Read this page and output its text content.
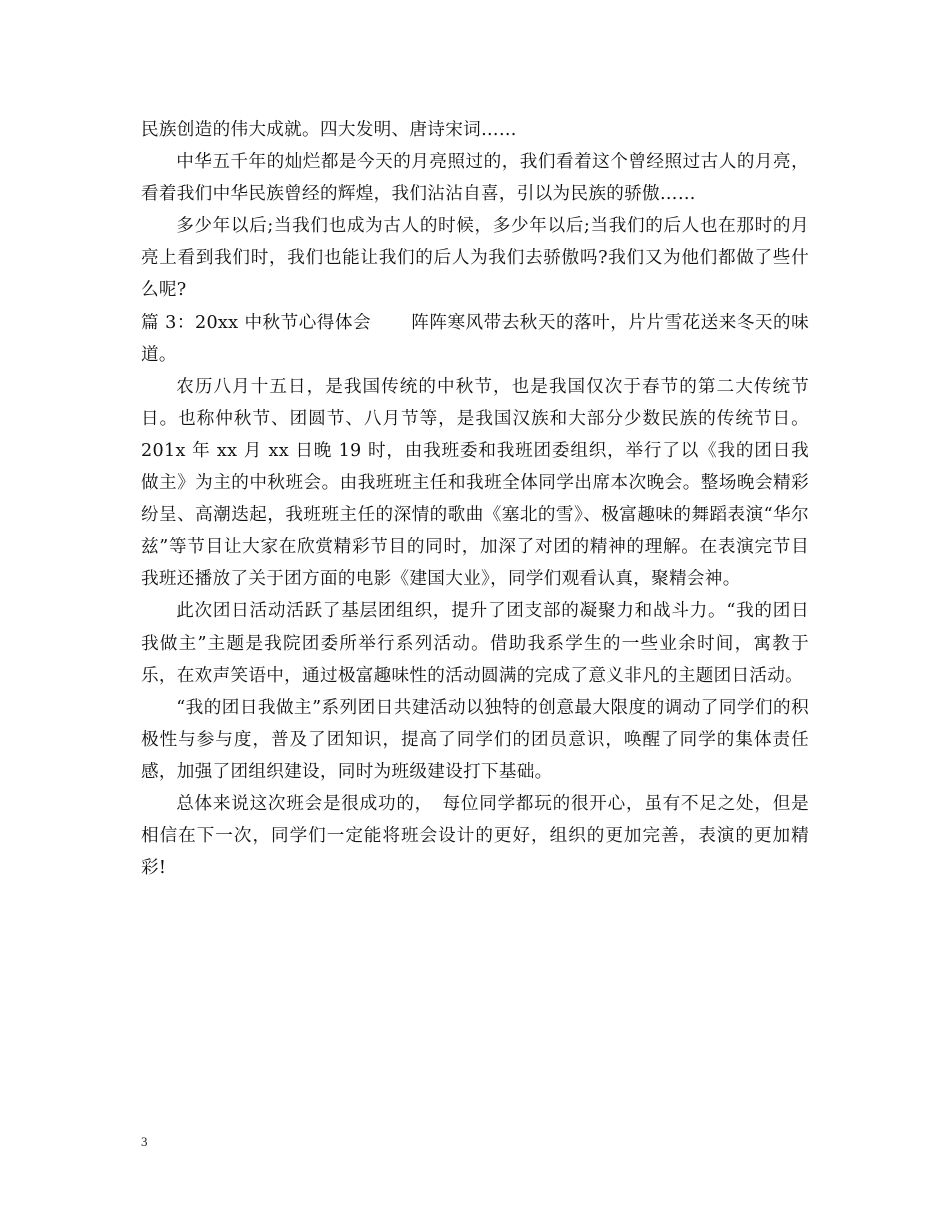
民族创造的伟大成就。四大发明、唐诗宋词……

中华五千年的灿烂都是今天的月亮照过的，我们看着这个曾经照过古人的月亮，看着我们中华民族曾经的辉煌，我们沾沾自喜，引以为民族的骄傲……

多少年以后;当我们也成为古人的时候，多少年以后;当我们的后人也在那时的月亮上看到我们时，我们也能让我们的后人为我们去骄傲吗?我们又为他们都做了些什么呢?

篇 3：20xx 中秋节心得体会 阵阵寒风带去秋天的落叶，片片雪花送来冬天的味道。

农历八月十五日，是我国传统的中秋节，也是我国仅次于春节的第二大传统节日。也称仲秋节、团圆节、八月节等，是我国汉族和大部分少数民族的传统节日。201x 年 xx 月 xx 日晚 19 时，由我班委和我班团委组织，举行了以《我的团日我做主》为主的中秋班会。由我班班主任和我班全体同学出席本次晚会。整场晚会精彩纷呈、高潮迭起，我班班主任的深情的歌曲《塞北的雪》、极富趣味的舞蹈表演“华尔兹”等节目让大家在欣赏精彩节目的同时，加深了对团的精神的理解。在表演完节目我班还播放了关于团方面的电影《建国大业》，同学们观看认真，聚精会神。

此次团日活动活跃了基层团组织，提升了团支部的凝聚力和战斗力。“我的团日我做主”主题是我院团委所举行系列活动。借助我系学生的一些业余时间，寓教于乐，在欢声笑语中，通过极富趣味性的活动圆满的完成了意义非凡的主题团日活动。

“我的团日我做主”系列团日共建活动以独特的创意最大限度的调动了同学们的积极性与参与度，普及了团知识，提高了同学们的团员意识，唤醒了同学的集体责任感，加强了团组织建设，同时为班级建设打下基础。

总体来说这次班会是很成功的，　每位同学都玩的很开心，虽有不足之处，但是相信在下一次，同学们一定能将班会设计的更好，组织的更加完善，表演的更加精彩!

3
